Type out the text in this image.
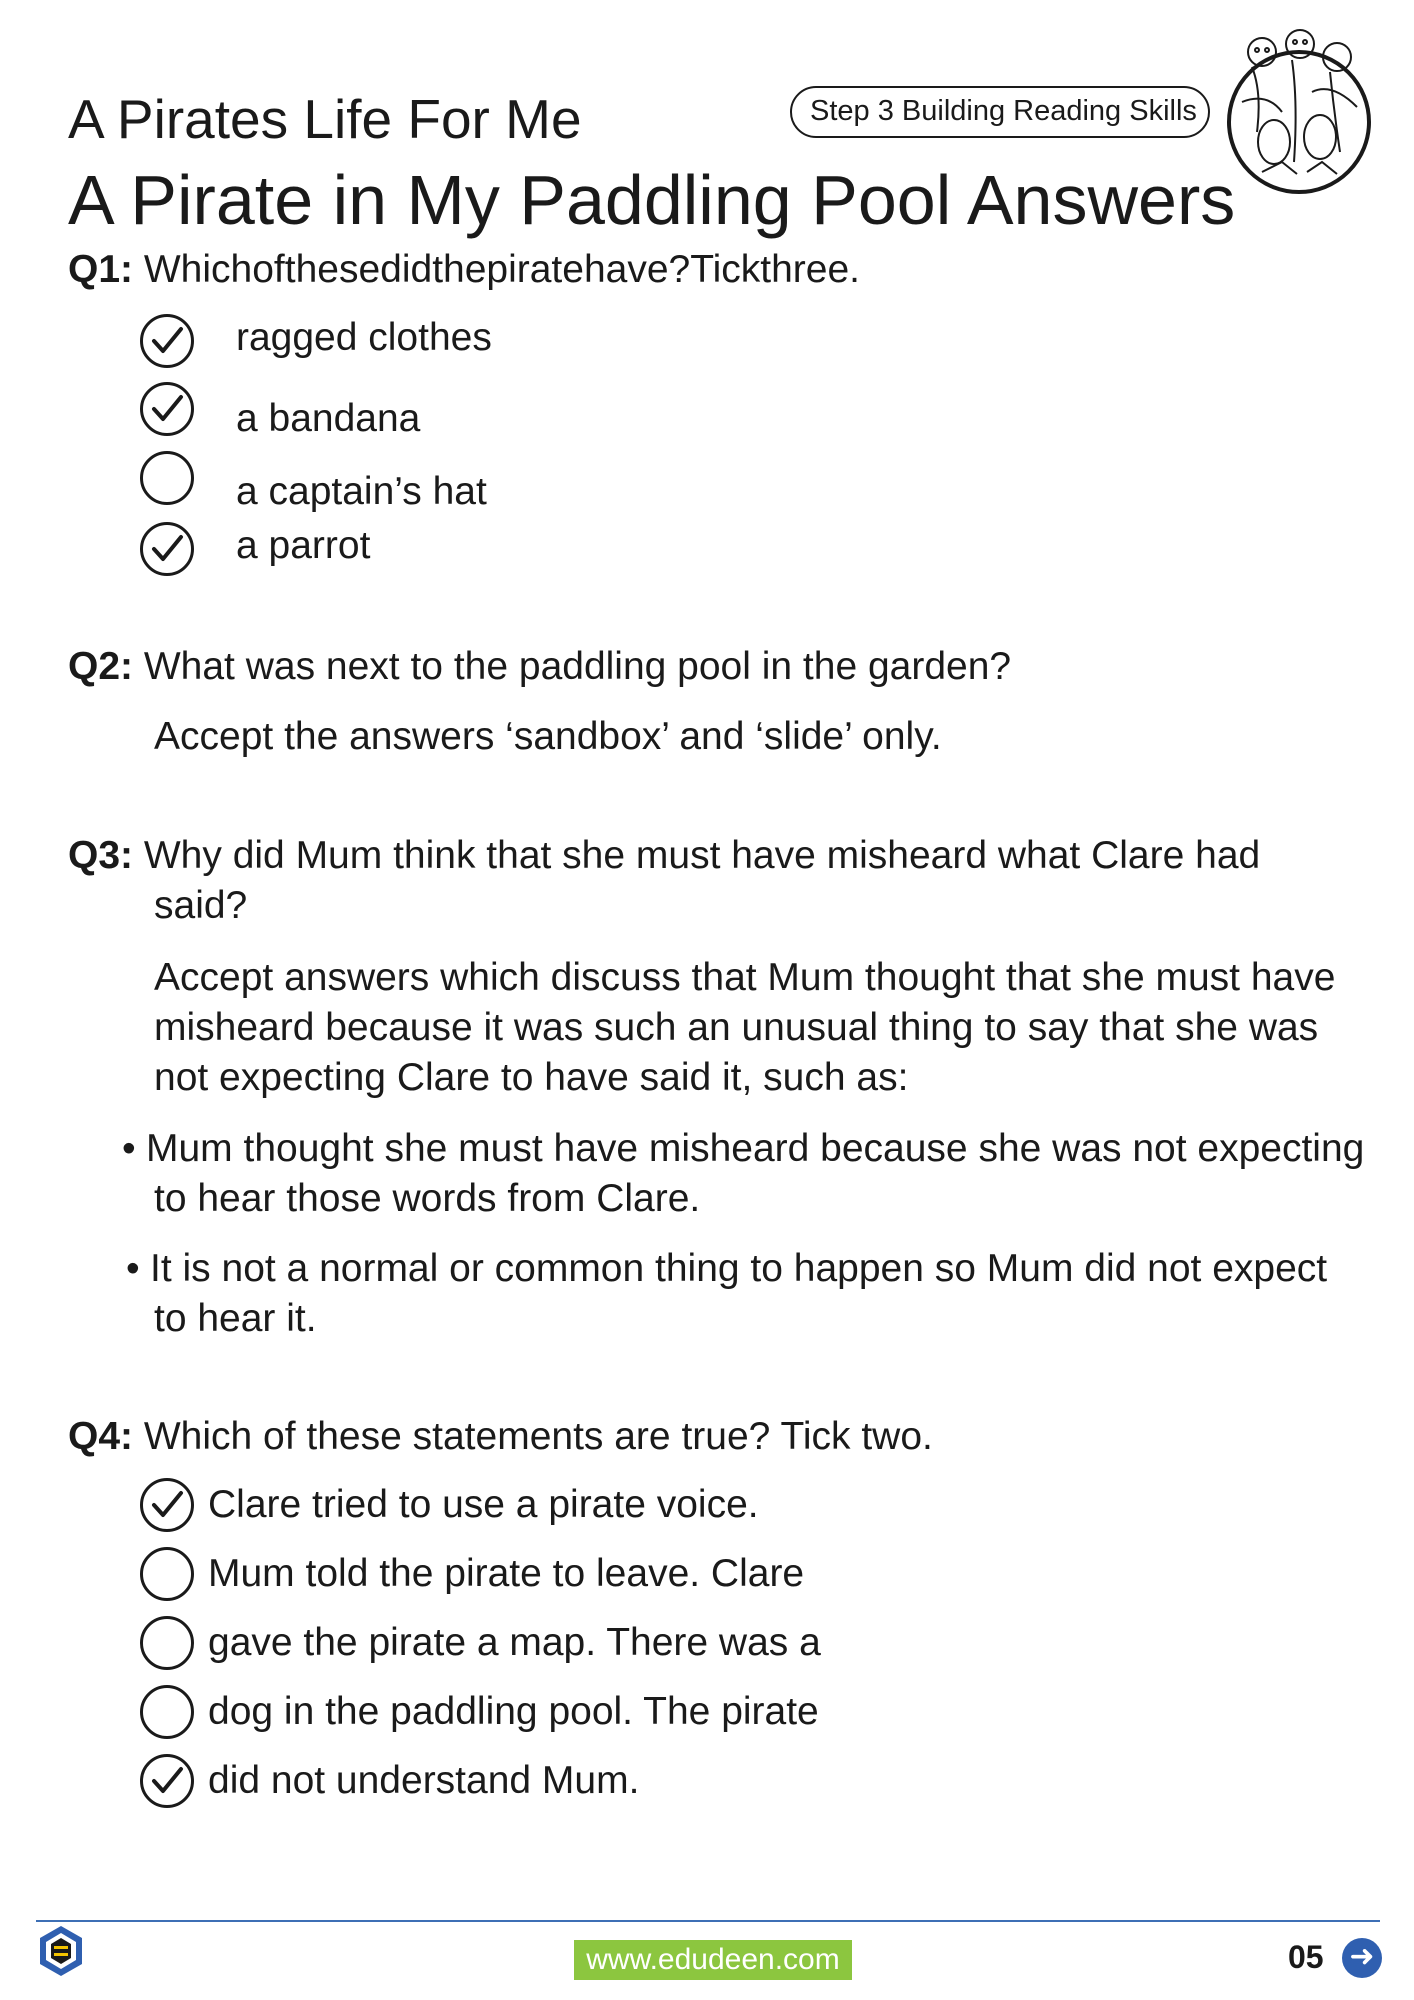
A Pirates Life For Me
A Pirate in My Paddling Pool Answers
Step 3 Building Reading Skills
Q1: Whichofthesedidthepiratehave?Tickthree.
ragged clothes
a bandana
a captain’s hat
a parrot
Q2: What was next to the paddling pool in the garden?
Accept the answers ‘sandbox’ and ‘slide’ only.
Q3: Why did Mum think that she must have misheard what Clare had
said?
Accept answers which discuss that Mum thought that she must have
misheard because it was such an unusual thing to say that she was
not expecting Clare to have said it, such as:
• Mum thought she must have misheard because she was not expecting
to hear those words from Clare.
• It is not a normal or common thing to happen so Mum did not expect
to hear it.
Q4: Which of these statements are true? Tick two.
Clare tried to use a pirate voice.
Mum told the pirate to leave. Clare
gave the pirate a map. There was a
dog in the paddling pool. The pirate
did not understand Mum.
www.edudeen.com	05 ➜
